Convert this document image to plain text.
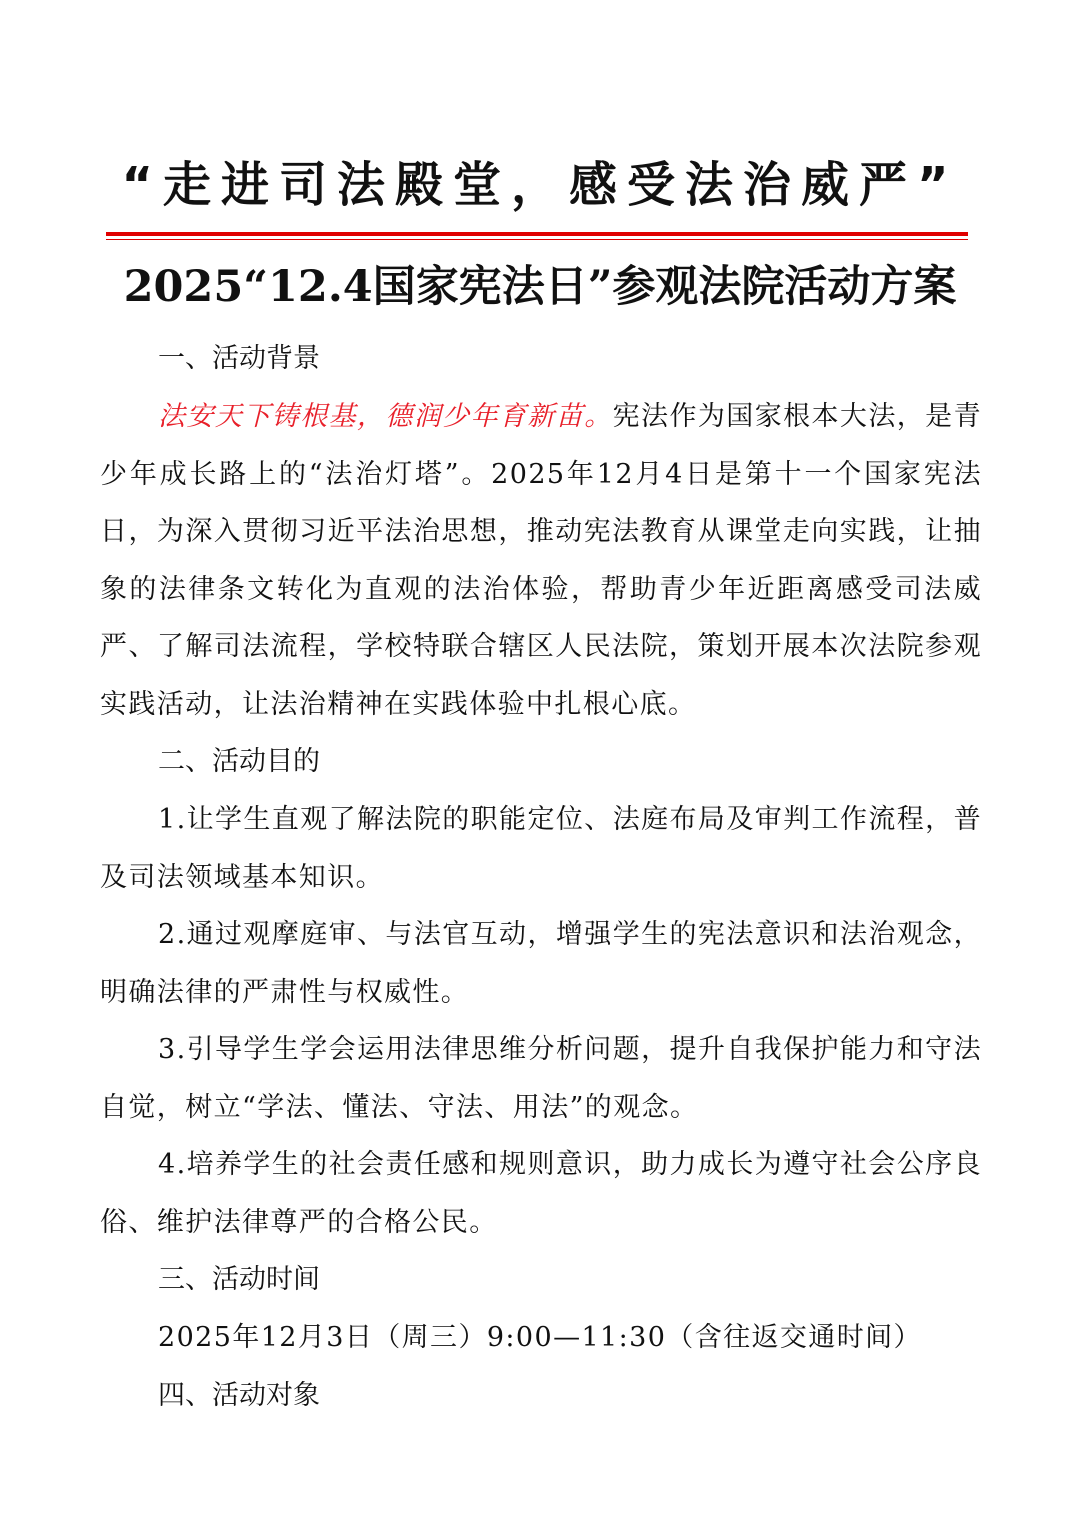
“走进司法殿堂，感受法治威严”
2025“12.4国家宪法日”参观法院活动方案
一、活动背景

法安天下铸根基，德润少年育新苗。宪法作为国家根本大法，是青少年成长路上的“法治灯塔”。2025年12月4日是第十一个国家宪法日，为深入贯彻习近平法治思想，推动宪法教育从课堂走向实践，让抽象的法律条文转化为直观的法治体验，帮助青少年近距离感受司法威严、了解司法流程，学校特联合辖区人民法院，策划开展本次法院参观实践活动，让法治精神在实践体验中扎根心底。

二、活动目的

1.让学生直观了解法院的职能定位、法庭布局及审判工作流程，普及司法领域基本知识。

2.通过观摩庭审、与法官互动，增强学生的宪法意识和法治观念，明确法律的严肃性与权威性。

3.引导学生学会运用法律思维分析问题，提升自我保护能力和守法自觉，树立“学法、懂法、守法、用法”的观念。

4.培养学生的社会责任感和规则意识，助力成长为遵守社会公序良俗、维护法律尊严的合格公民。

三、活动时间

2025年12月3日（周三）9:00—11:30（含往返交通时间）

四、活动对象
